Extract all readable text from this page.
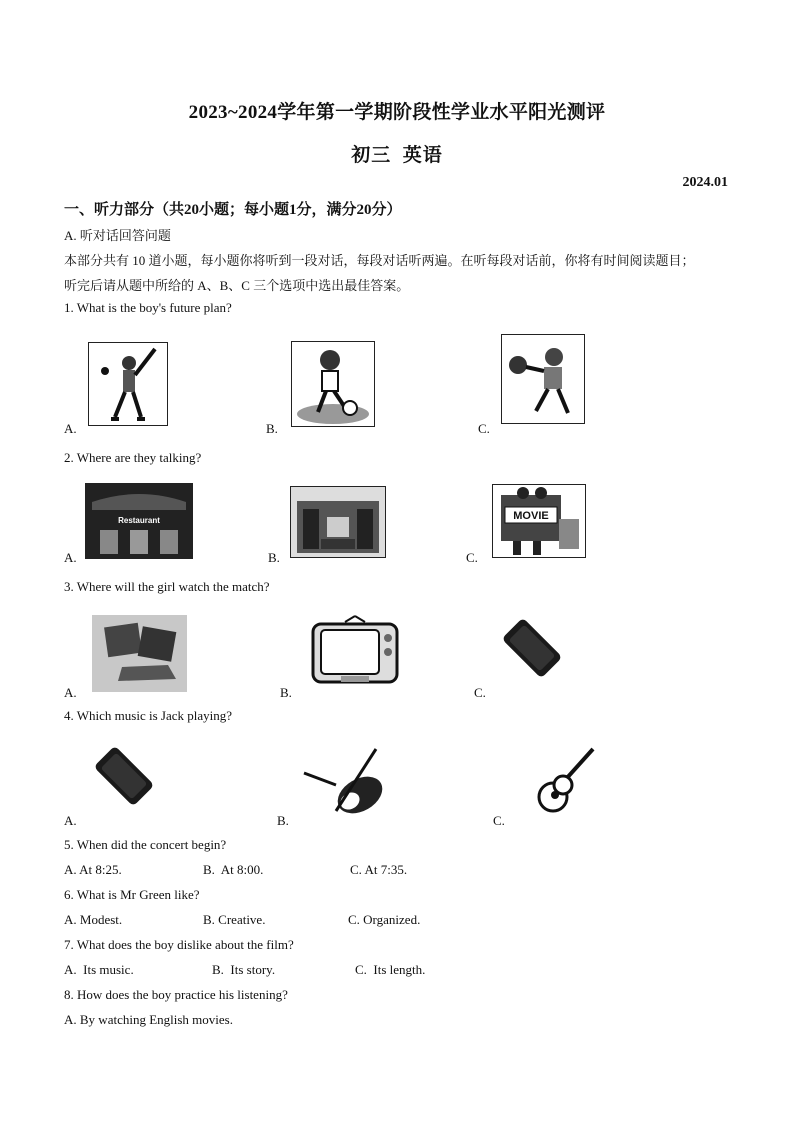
2023~2024学年第一学期阶段性学业水平阳光测评
初三  英语
2024.01
一、听力部分（共20小题；每小题1分，满分20分）
A. 听对话回答问题
本部分共有 10 道小题，每小题你将听到一段对话，每段对话听两遍。在听每段对话前，你将有时间阅读题目；
听完后请从题中所给的 A、B、C 三个选项中选出最佳答案。
1. What is the boy's future plan?
A.	B.	C.
2. Where are they talking?
A.
Restaurant
B.	C.
MOVIE
3. Where will the girl watch the match?
A.	B.	C.
4. Which music is Jack playing?
A.	B.	C.
5. When did the concert begin?
A. At 8:25.	B.  At 8:00.	C. At 7:35.
6. What is Mr Green like?
A. Modest.	B. Creative.	C. Organized.
7. What does the boy dislike about the film?
A.  Its music.	B.  Its story.	C.  Its length.
8. How does the boy practice his listening?
A. By watching English movies.
